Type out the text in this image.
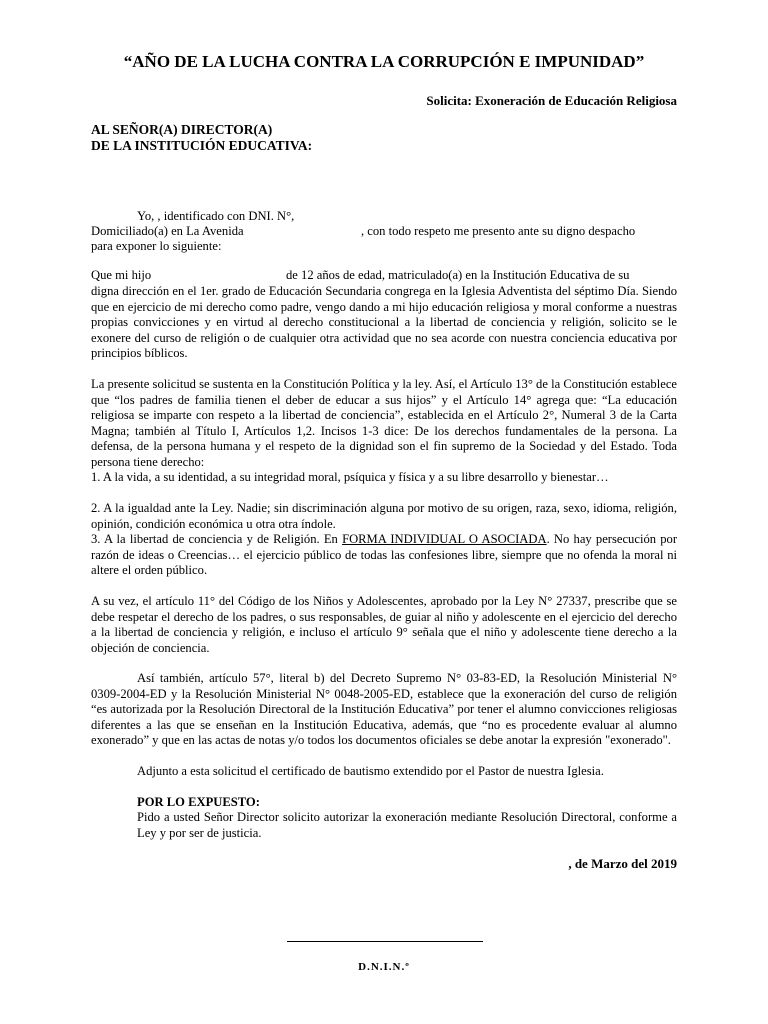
“AÑO DE LA LUCHA CONTRA LA CORRUPCIÓN E IMPUNIDAD”
Solicita: Exoneración de Educación Religiosa
AL SEÑOR(A) DIRECTOR(A)
DE LA INSTITUCIÓN EDUCATIVA:
Yo, , identificado con DNI. N°,
Domiciliado(a) en La Avenida	, con todo respeto me presento ante su digno despacho
para exponer lo siguiente:
Que mi hijo	de 12 años de edad, matriculado(a) en la Institución Educativa de su
digna dirección en el 1er. grado de Educación Secundaria congrega en la Iglesia Adventista del séptimo Día. Siendo que en ejercicio de mi derecho como padre, vengo dando a mi hijo educación religiosa y moral conforme a nuestras propias convicciones y en virtud al derecho constitucional a la libertad de conciencia y religión, solicito se le exonere del curso de religión o de cualquier otra actividad que no sea acorde con nuestra conciencia educativa por principios bíblicos.
La presente solicitud se sustenta en la Constitución Política y la ley. Así, el Artículo 13° de la Constitución establece que “los padres de familia tienen el deber de educar a sus hijos” y el Artículo 14° agrega que: “La educación religiosa se imparte con respeto a la libertad de conciencia”, establecida en el Artículo 2°, Numeral 3 de la Carta Magna; también al Título I, Artículos 1,2. Incisos 1-3 dice: De los derechos fundamentales de la persona. La defensa, de la persona humana y el respeto de la dignidad son el fin supremo de la Sociedad y del Estado. Toda persona tiene derecho:
1. A la vida, a su identidad, a su integridad moral, psíquica y física y a su libre desarrollo y bienestar…
2. A la igualdad ante la Ley. Nadie; sin discriminación alguna por motivo de su origen, raza, sexo, idioma, religión, opinión, condición económica u otra otra índole.
3. A la libertad de conciencia y de Religión. En FORMA INDIVIDUAL O ASOCIADA. No hay persecución por razón de ideas o Creencias… el ejercicio público de todas las confesiones libre, siempre que no ofenda la moral ni altere el orden público.
A su vez, el artículo 11° del Código de los Niños y Adolescentes, aprobado por la Ley N° 27337, prescribe que se debe respetar el derecho de los padres, o sus responsables, de guiar al niño y adolescente en el ejercicio del derecho a la libertad de conciencia y religión, e incluso el artículo 9° señala que el niño y adolescente tiene derecho a la objeción de conciencia.
Así también, artículo 57°, literal b) del Decreto Supremo N° 03-83-ED, la Resolución Ministerial N° 0309-2004-ED y la Resolución Ministerial N° 0048-2005-ED, establece que la exoneración del curso de religión “es autorizada por la Resolución Directoral de la Institución Educativa” por tener el alumno convicciones religiosas diferentes a las que se enseñan en la Institución Educativa, además, que “no es procedente evaluar al alumno exonerado” y que en las actas de notas y/o todos los documentos oficiales se debe anotar la expresión "exonerado".
Adjunto a esta solicitud el certificado de bautismo extendido por el Pastor de nuestra Iglesia.
POR LO EXPUESTO:
Pido a usted Señor Director solicito autorizar la exoneración mediante Resolución Directoral, conforme a Ley y por ser de justicia.
, de Marzo del 2019
D.N.I.N.º
